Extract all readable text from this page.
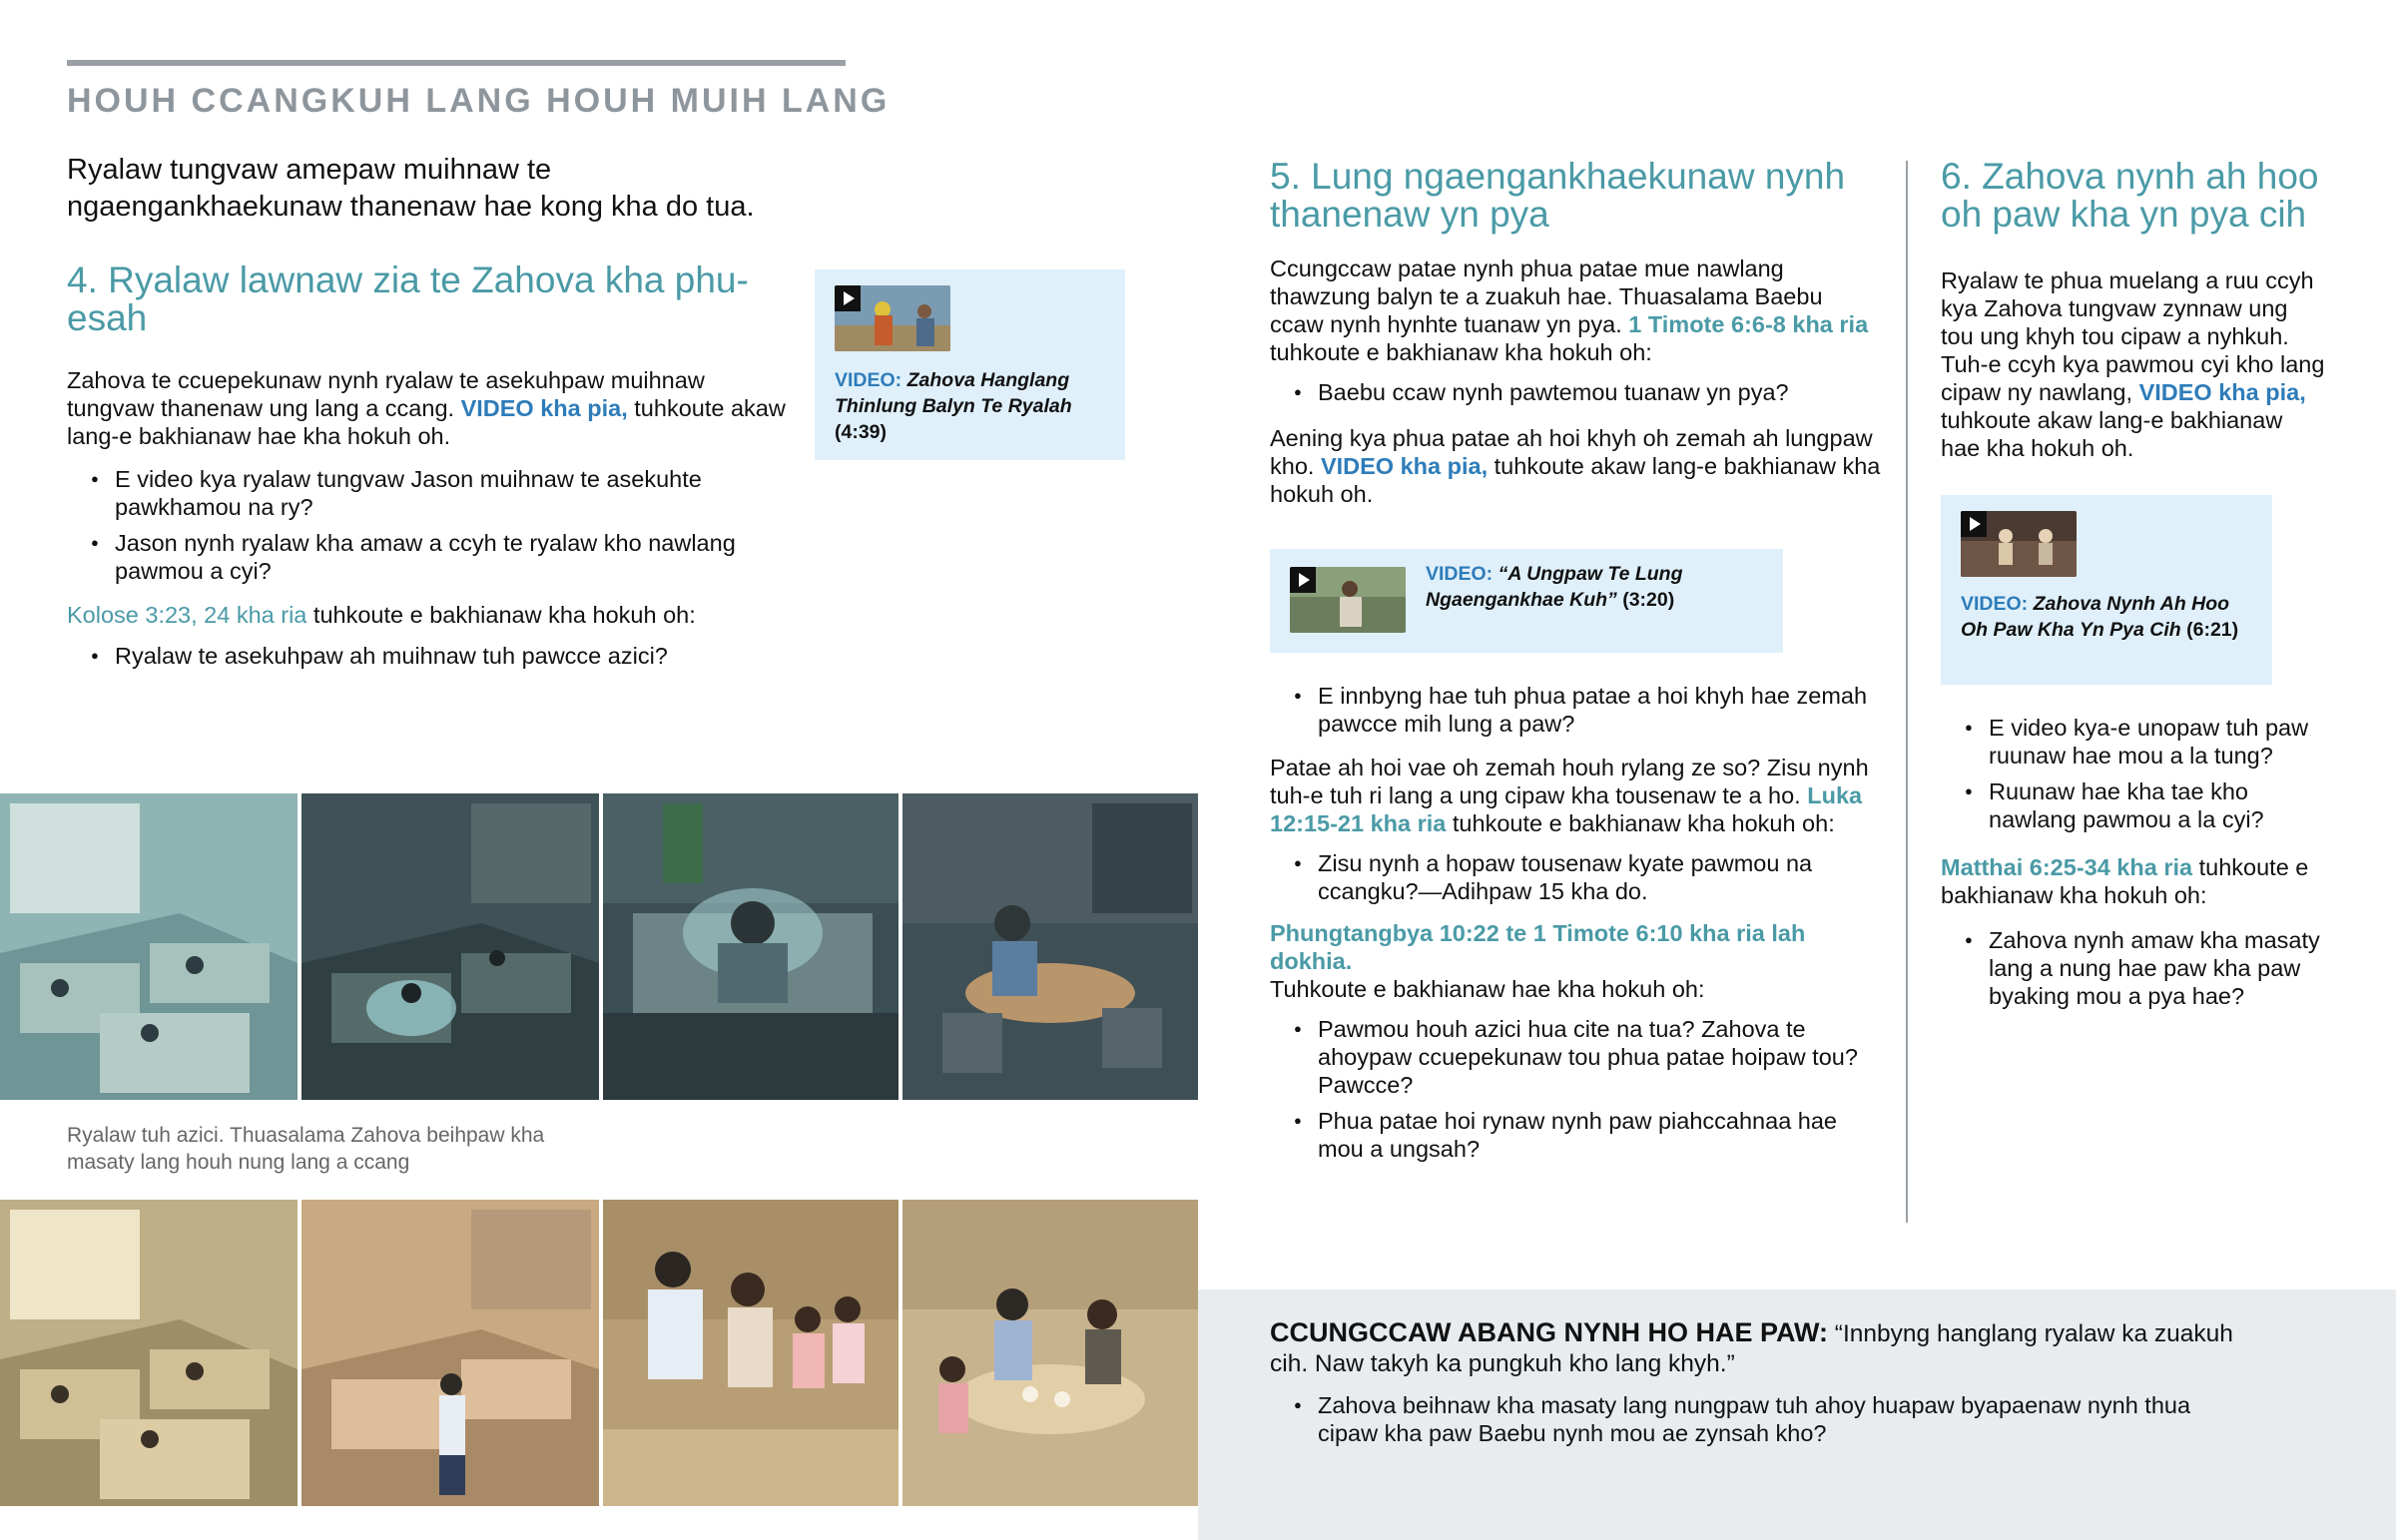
HOUH CCANGKUH LANG HOUH MUIH LANG
Ryalaw tungvaw amepaw muihnaw te ngaengankhaekunaw thanenaw hae kong kha do tua.
4. Ryalaw lawnaw zia te Zahova kha phu-esah

Zahova te ccuepekunaw nynh ryalaw te asekuhpaw muihnaw tungvaw thanenaw ung lang a ccang. VIDEO kha pia, tuhkoute akaw lang-e bakhianaw hae kha hokuh oh.

● E video kya ryalaw tungvaw Jason muihnaw te asekuhte pawkhamou na ry?
● Jason nynh ryalaw kha amaw a ccyh te ryalaw kho nawlang pawmou a cyi?

Kolose 3:23, 24 kha ria tuhkoute e bakhianaw kha hokuh oh:

● Ryalaw te asekuhpaw ah muihnaw tuh pawcce azici?
VIDEO: Zahova Hanglang Thinlung Balyn Te Ryalah (4:39)
Ryalaw tuh azici. Thuasalama Zahova beihpaw kha masaty lang houh nung lang a ccang
5. Lung ngaengankhaekunaw nynh thanenaw yn pya

Ccungccaw patae nynh phua patae mue nawlang thawzung balyn te a zuakuh hae. Thuasalama Baebu ccaw nynh hynhte tuanaw yn pya. 1 Timote 6:6-8 kha ria tuhkoute e bakhianaw kha hokuh oh:

● Baebu ccaw nynh pawtemou tuanaw yn pya?

Aening kya phua patae ah hoi khyh oh zemah ah lungpaw kho. VIDEO kha pia, tuhkoute akaw lang-e bakhianaw kha hokuh oh.

VIDEO: “A Ungpaw Te Lung Ngaengankhae Kuh” (3:20)
● E innbyng hae tuh phua patae a hoi khyh hae zemah pawcce mih lung a paw?

Patae ah hoi vae oh zemah houh rylang ze so? Zisu nynh tuh-e tuh ri lang a ung cipaw kha tousenaw te a ho. Luka 12:15-21 kha ria tuhkoute e bakhianaw kha hokuh oh:

● Zisu nynh a hopaw tousenaw kyate pawmou na ccangku?—Adihpaw 15 kha do.

Phungtangbya 10:22 te 1 Timote 6:10 kha ria lah dokhia.
Tuhkoute e bakhianaw hae kha hokuh oh:

● Pawmou houh azici hua cite na tua? Zahova te ahoypaw ccuepekunaw tou phua patae hoipaw tou? Pawcce?
● Phua patae hoi rynaw nynh paw piahccahnaa hae mou a ungsah?
6. Zahova nynh ah hoo oh paw kha yn pya cih

Ryalaw te phua muelang a ruu ccyh kya Zahova tungvaw zynnaw ung tou ung khyh tou cipaw a nyhkuh. Tuh-e ccyh kya pawmou cyi kho lang cipaw ny nawlang, VIDEO kha pia, tuhkoute akaw lang-e bakhianaw hae kha hokuh oh.

VIDEO: Zahova Nynh Ah Hoo Oh Paw Kha Yn Pya Cih (6:21)
● E video kya-e unopaw tuh paw ruunaw hae mou a la tung?
● Ruunaw hae kha tae kho nawlang pawmou a la cyi?

Matthai 6:25-34 kha ria tuhkoute e bakhianaw kha hokuh oh:

● Zahova nynh amaw kha masaty lang a nung hae paw kha paw byaking mou a pya hae?

CCUNGCCAW ABANG NYNH HO HAE PAW: “Innbyng hanglang ryalaw ka zuakuh cih. Naw takyh ka pungkuh kho lang khyh.”

● Zahova beihnaw kha masaty lang nungpaw tuh ahoy huapaw byapaenaw nynh thua cipaw kha paw Baebu nynh mou ae zynsah kho?
